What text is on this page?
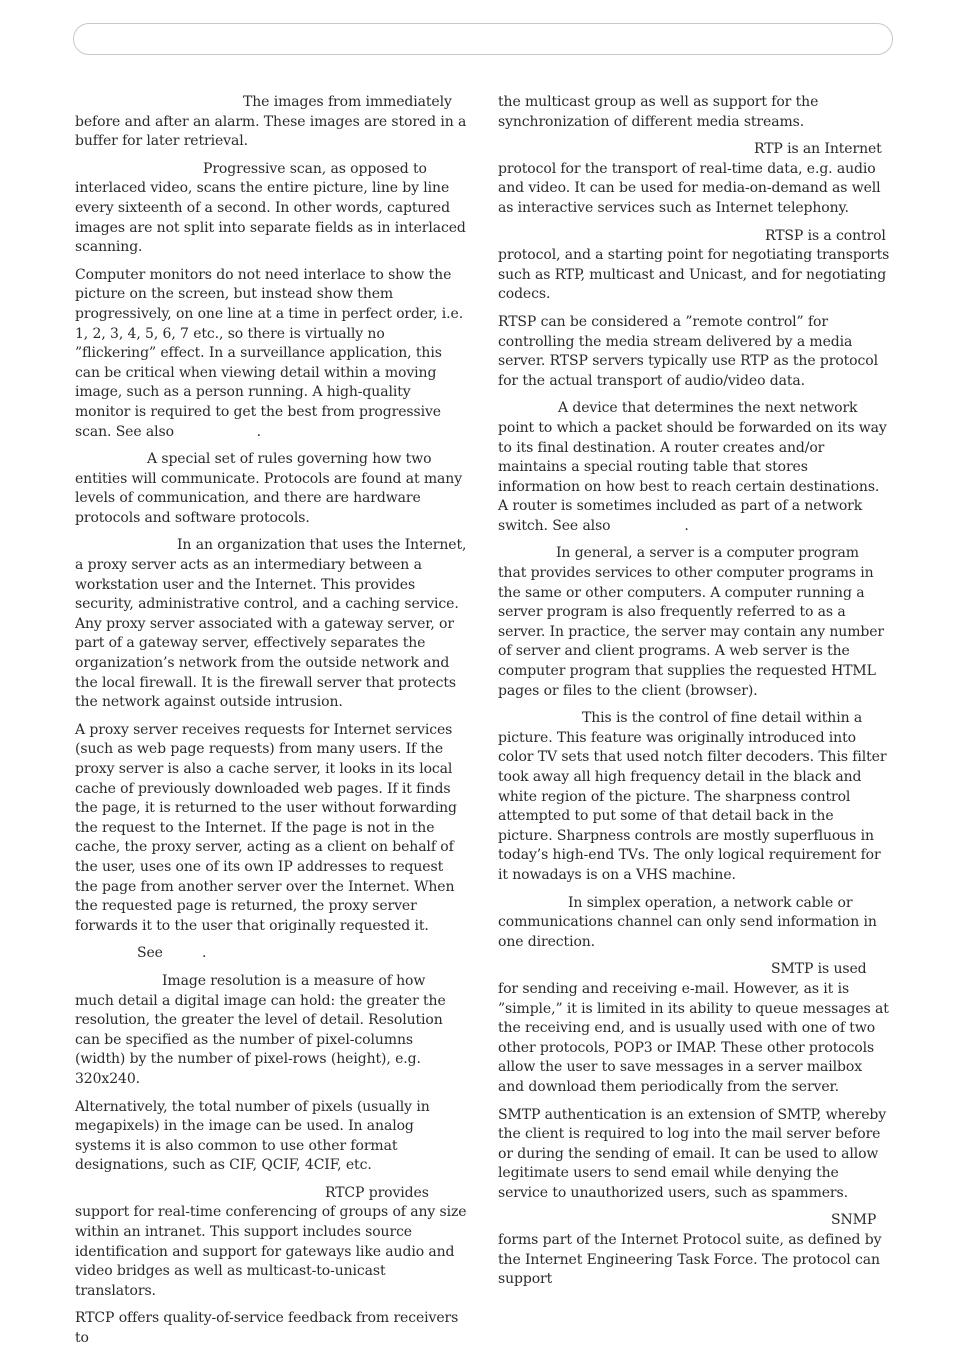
The images from immediately before and after an alarm. These images are stored in a buffer for later retrieval.

Progressive scan, as opposed to interlaced video, scans the entire picture, line by line every sixteenth of a second. In other words, captured images are not split into separate fields as in interlaced scanning.

Computer monitors do not need interlace to show the picture on the screen, but instead show them progressively, on one line at a time in perfect order, i.e. 1, 2, 3, 4, 5, 6, 7 etc., so there is virtually no ”flickering” effect. In a surveillance application, this can be critical when viewing detail within a moving image, such as a person running. A high-quality monitor is required to get the best from progressive scan. See also                   .

A special set of rules governing how two entities will communicate. Protocols are found at many levels of communication, and there are hardware protocols and software protocols.

In an organization that uses the Internet, a proxy server acts as an intermediary between a workstation user and the Internet. This provides security, administrative control, and a caching service. Any proxy server associated with a gateway server, or part of a gateway server, effectively separates the organization’s network from the outside network and the local firewall. It is the firewall server that protects the network against outside intrusion.

A proxy server receives requests for Internet services (such as web page requests) from many users. If the proxy server is also a cache server, it looks in its local cache of previously downloaded web pages. If it finds the page, it is returned to the user without forwarding the request to the Internet. If the page is not in the cache, the proxy server, acting as a client on behalf of the user, uses one of its own IP addresses to request the page from another server over the Internet. When the requested page is returned, the proxy server forwards it to the user that originally requested it.

See         .

Image resolution is a measure of how much detail a digital image can hold: the greater the resolution, the greater the level of detail. Resolution can be specified as the number of pixel-columns (width) by the number of pixel-rows (height), e.g. 320x240.

Alternatively, the total number of pixels (usually in megapixels) in the image can be used. In analog systems it is also common to use other format designations, such as CIF, QCIF, 4CIF, etc.

RTCP provides support for real-time conferencing of groups of any size within an intranet. This support includes source identification and support for gateways like audio and video bridges as well as multicast-to-unicast translators.

RTCP offers quality-of-service feedback from receivers to

the multicast group as well as support for the synchronization of different media streams.

RTP is an Internet protocol for the transport of real-time data, e.g. audio and video. It can be used for media-on-demand as well as interactive services such as Internet telephony.

RTSP is a control protocol, and a starting point for negotiating transports such as RTP, multicast and Unicast, and for negotiating codecs.

RTSP can be considered a ”remote control” for controlling the media stream delivered by a media server. RTSP servers typically use RTP as the protocol for the actual transport of audio/video data.

A device that determines the next network point to which a packet should be forwarded on its way to its final destination. A router creates and/or maintains a special routing table that stores information on how best to reach certain destinations. A router is sometimes included as part of a network switch. See also                 .

In general, a server is a computer program that provides services to other computer programs in the same or other computers. A computer running a server program is also frequently referred to as a server. In practice, the server may contain any number of server and client programs. A web server is the computer program that supplies the requested HTML pages or files to the client (browser).

This is the control of fine detail within a picture. This feature was originally introduced into color TV sets that used notch filter decoders. This filter took away all high frequency detail in the black and white region of the picture. The sharpness control attempted to put some of that detail back in the picture. Sharpness controls are mostly superfluous in today’s high-end TVs. The only logical requirement for it nowadays is on a VHS machine.

In simplex operation, a network cable or communications channel can only send information in one direction.

SMTP is used for sending and receiving e-mail. However, as it is ”simple,” it is limited in its ability to queue messages at the receiving end, and is usually used with one of two other protocols, POP3 or IMAP. These other protocols allow the user to save messages in a server mailbox and download them periodically from the server.

SMTP authentication is an extension of SMTP, whereby the client is required to log into the mail server before or during the sending of email. It can be used to allow legitimate users to send email while denying the service to unauthorized users, such as spammers.

SNMP forms part of the Internet Protocol suite, as defined by the Internet Engineering Task Force. The protocol can support
